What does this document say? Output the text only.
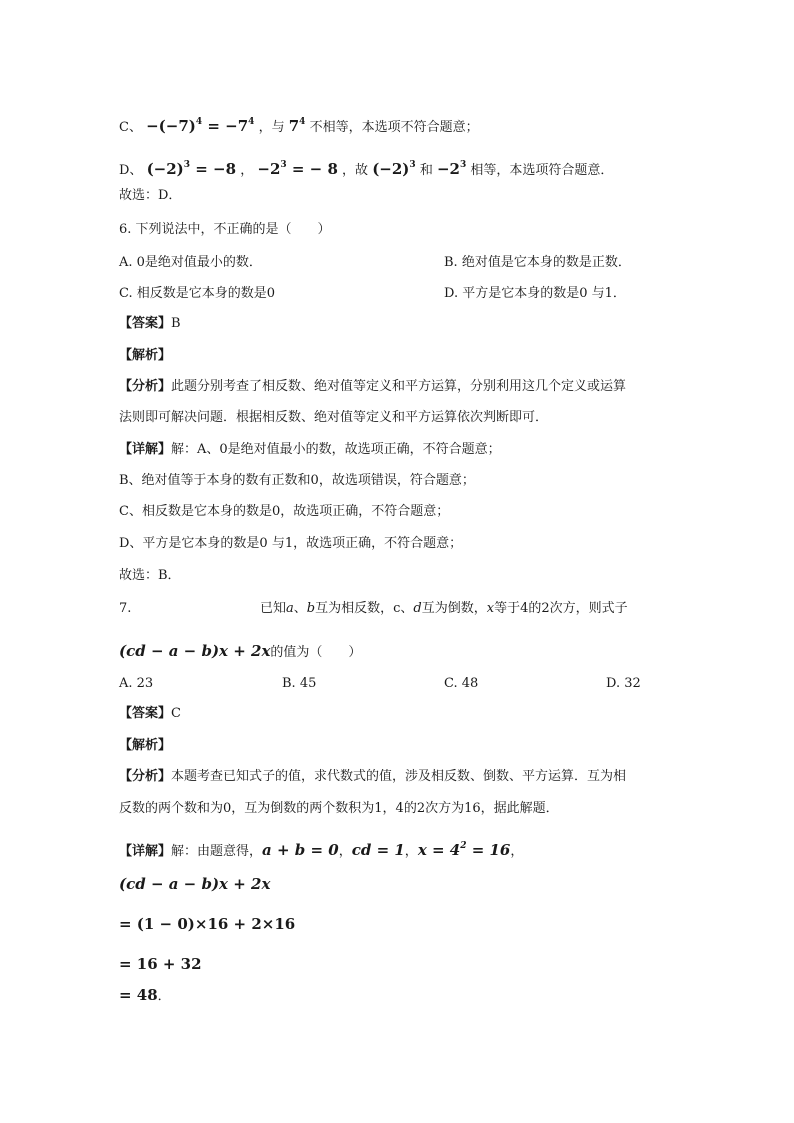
C、 $-(-7)^4 = -7^4$ ，与 $7^4$ 不相等，本选项不符合题意；
D、 $(-2)^3 = -8$ ， $-2^3$ = − 8 ，故 $(-2)^3$ 和 $-2^3$ 相等，本选项符合题意．
故选：D．
6. 下列说法中，不正确的是（　　）
A. 0是绝对值最小的数．	B. 绝对值是它本身的数是正数．
C. 相反数是它本身的数是0	D. 平方是它本身的数是0 与1．
【答案】B
【解析】
【分析】此题分别考查了相反数、绝对值等定义和平方运算，分别利用这几个定义或运算
法则即可解决问题．根据相反数、绝对值等定义和平方运算依次判断即可．
【详解】解：A、0是绝对值最小的数，故选项正确，不符合题意；
B、绝对值等于本身的数有正数和0，故选项错误，符合题意；
C、相反数是它本身的数是0，故选项正确，不符合题意；
D、平方是它本身的数是0 与1，故选项正确，不符合题意；
故选：B．
7.	已知a、b互为相反数，c、d互为倒数，x等于4的2次方，则式子
(cd − a − b)x + 2x的值为（　　）
A. 23	B. 45	C. 48	D. 32
【答案】C
【解析】
【分析】本题考查已知式子的值，求代数式的值，涉及相反数、倒数、平方运算．互为相
反数的两个数和为0，互为倒数的两个数积为1，4的2次方为16，据此解题．
【详解】解：由题意得，a + b = 0，cd = 1，$x = 4^2 = 16$，
(cd − a − b)x + 2x
= (1 − 0)×16 + 2×16
= 16 + 32
= 48．
